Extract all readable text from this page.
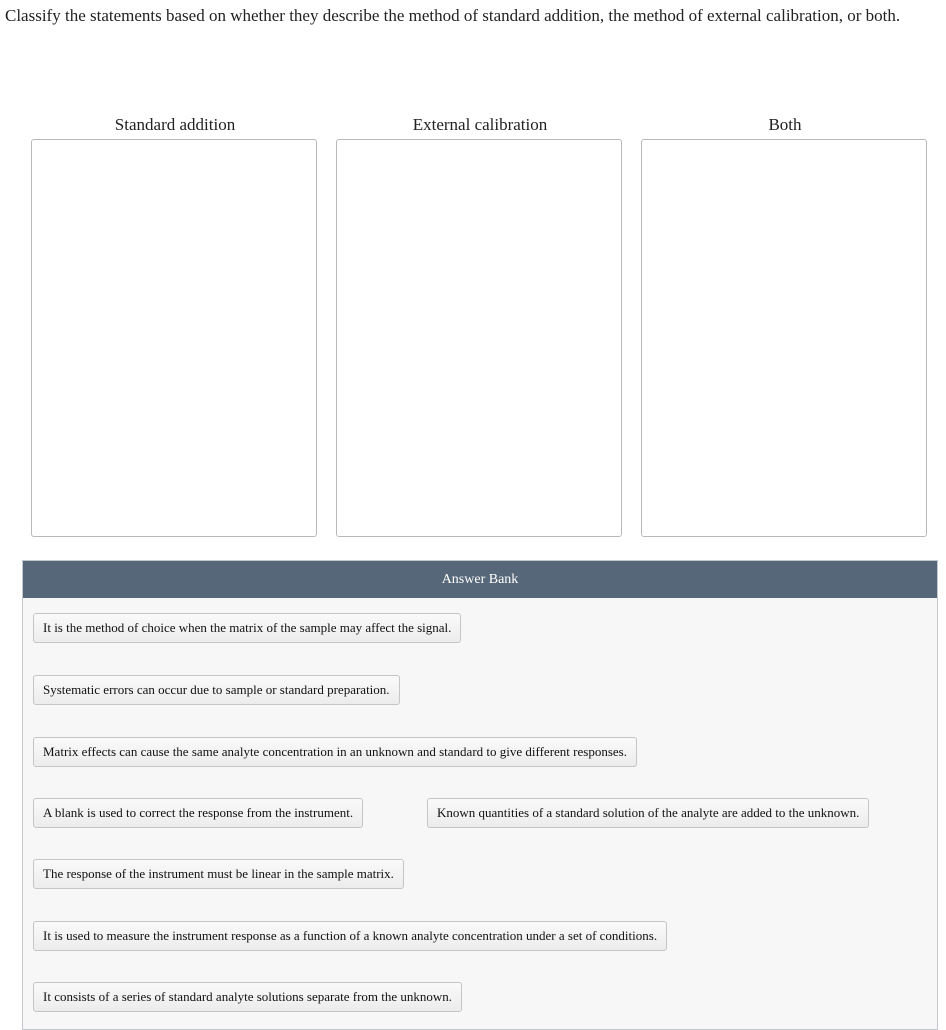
Classify the statements based on whether they describe the method of standard addition, the method of external calibration, or both.
Standard addition	External calibration	Both
Answer Bank
It is the method of choice when the matrix of the sample may affect the signal.
Systematic errors can occur due to sample or standard preparation.
Matrix effects can cause the same analyte concentration in an unknown and standard to give different responses.
A blank is used to correct the response from the instrument.	Known quantities of a standard solution of the analyte are added to the unknown.
The response of the instrument must be linear in the sample matrix.
It is used to measure the instrument response as a function of a known analyte concentration under a set of conditions.
It consists of a series of standard analyte solutions separate from the unknown.
